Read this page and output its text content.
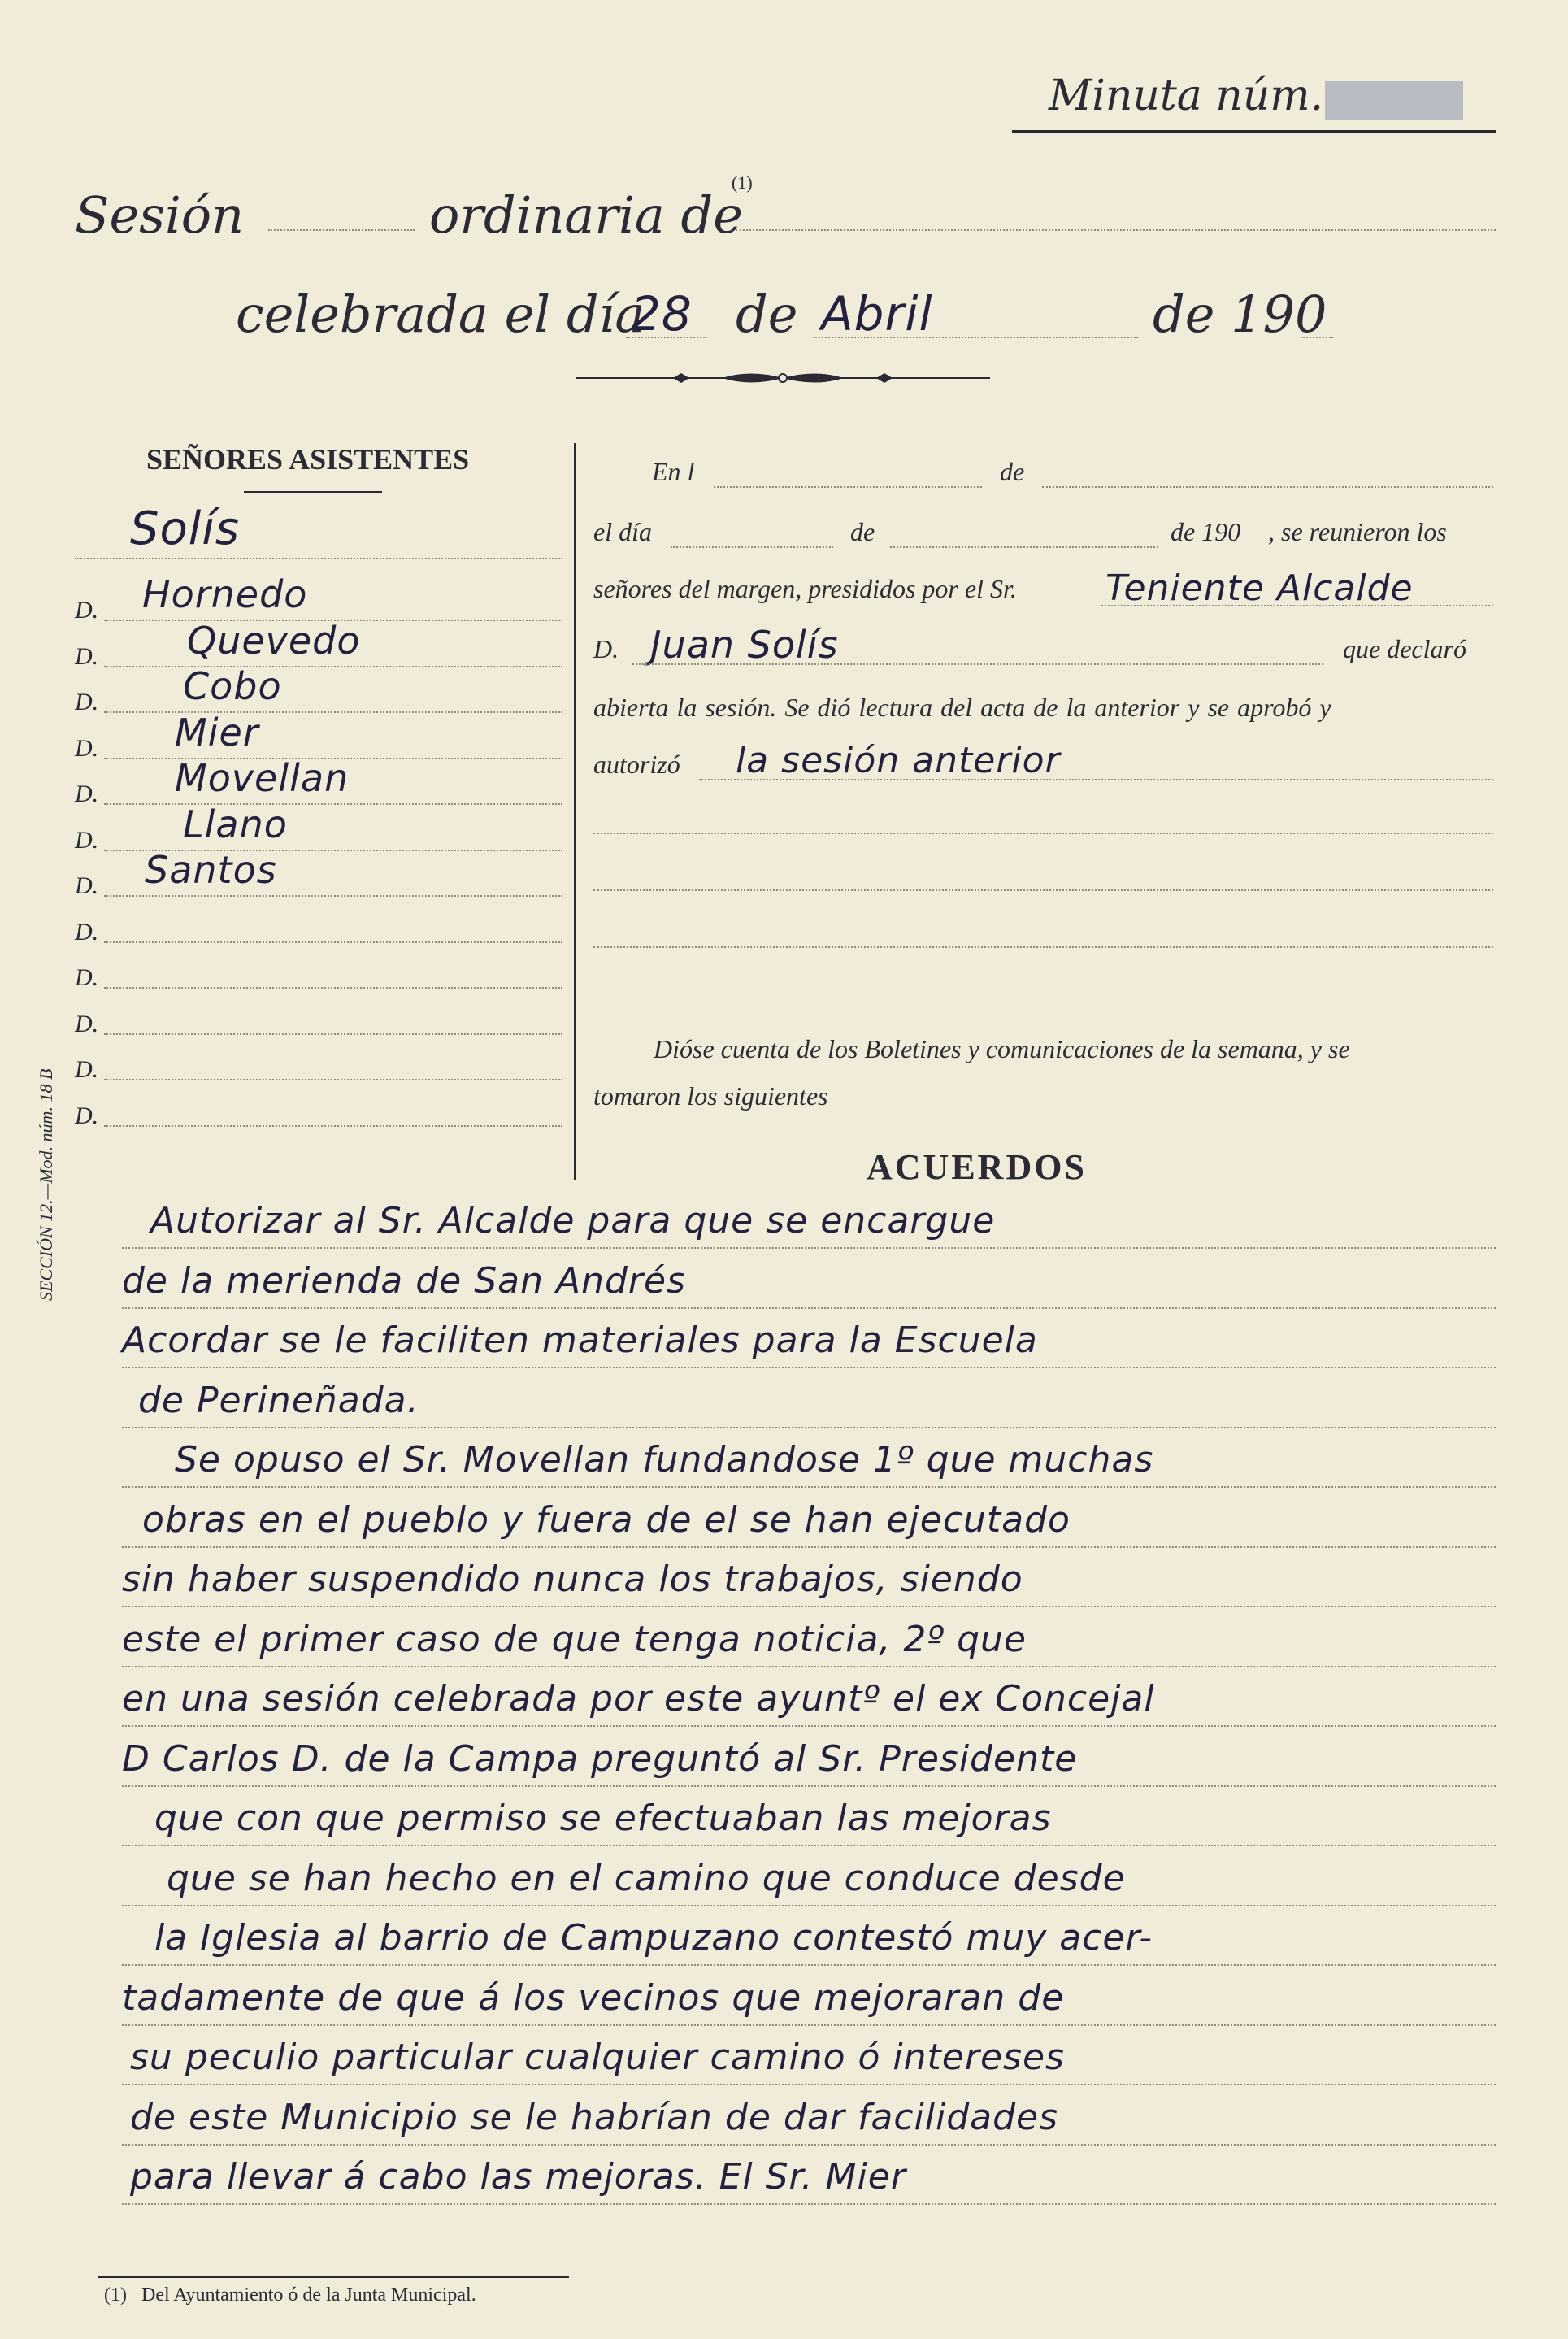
Minuta núm.
Sesión	ordinaria de
(1)
celebrada el día
28 de Abril	de 190
SEÑORES ASISTENTES
Solís
D. Hornedo
D. Quevedo
D. Cobo
D. Mier
D. Movellan
D. Llano
D. Santos
D.
D.
D.
D.
D.
En l	de
el día	de	de 190 , se reunieron los
señores del margen, presididos por el Sr. Teniente Alcalde
D. Juan Solís	que declaró
abierta la sesión. Se dió lectura del acta de la anterior y se aprobó y
autorizó la sesión anterior
Dióse cuenta de los Boletines y comunicaciones de la semana, y se
tomaron los siguientes
ACUERDOS
Autorizar al Sr. Alcalde para que se encargue
de la merienda de San Andrés
Acordar se le faciliten materiales para la Escuela
de Perineñada.
Se opuso el Sr. Movellan fundandose 1º que muchas
obras en el pueblo y fuera de el se han ejecutado
sin haber suspendido nunca los trabajos, siendo
este el primer caso de que tenga noticia, 2º que
en una sesión celebrada por este ayuntº el ex Concejal
D Carlos D. de la Campa preguntó al Sr. Presidente
que con que permiso se efectuaban las mejoras
que se han hecho en el camino que conduce desde
la Iglesia al barrio de Campuzano contestó muy acer-
tadamente de que á los vecinos que mejoraran de
su peculio particular cualquier camino ó intereses
de este Municipio se le habrían de dar facilidades
para llevar á cabo las mejoras. El Sr. Mier
SECCIÓN 12.—Mod. núm. 18 B
(1)   Del Ayuntamiento ó de la Junta Municipal.
